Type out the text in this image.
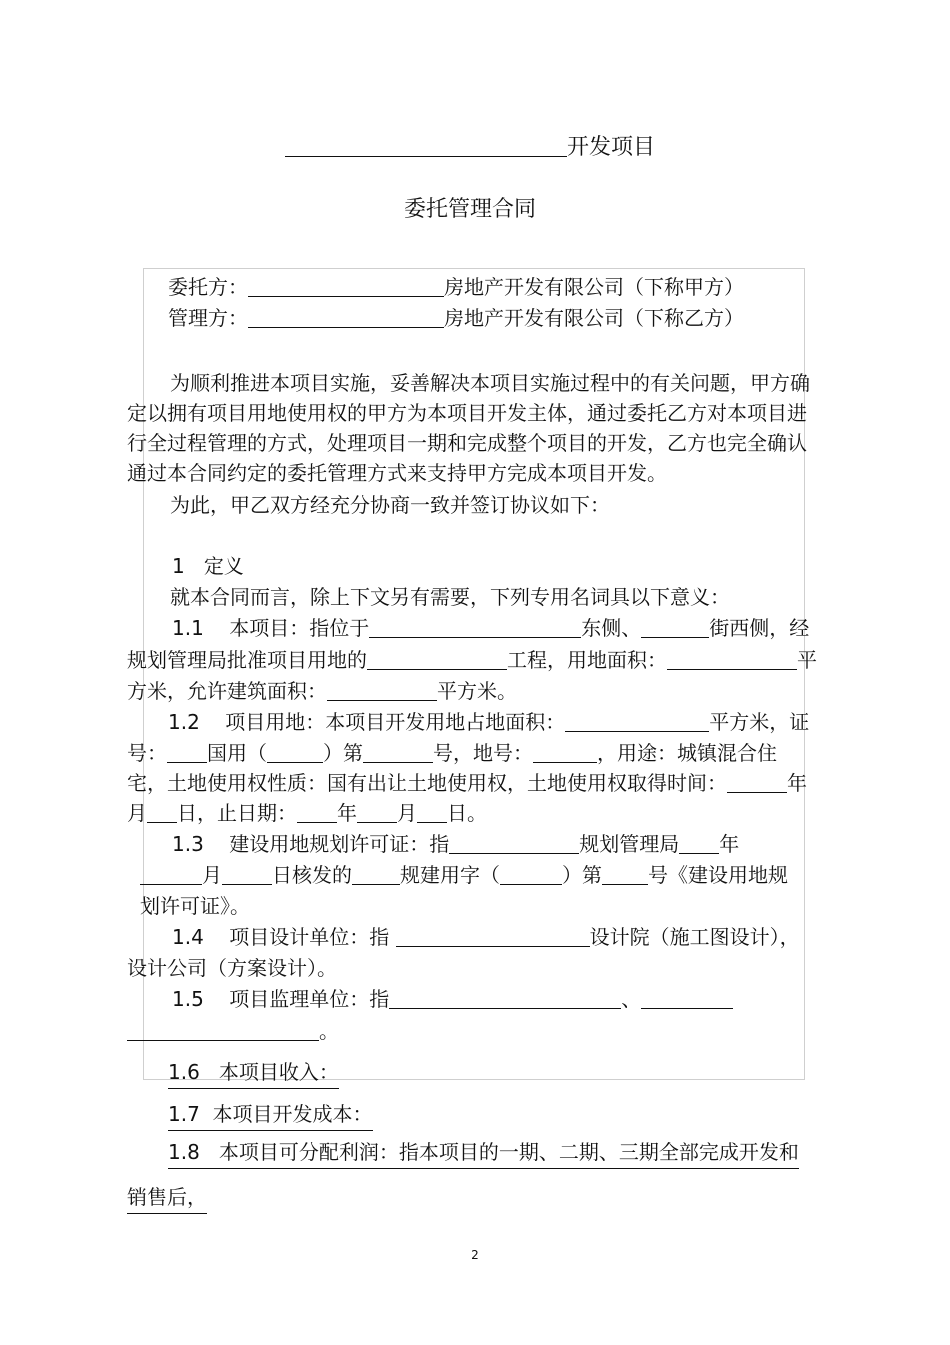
开发项目
委托管理合同
委托方：	房地产开发有限公司（下称甲方）
管理方：	房地产开发有限公司（下称乙方）
为顺利推进本项目实施，妥善解决本项目实施过程中的有关问题，甲方确
定以拥有项目用地使用权的甲方为本项目开发主体，通过委托乙方对本项目进
行全过程管理的方式，处理项目一期和完成整个项目的开发，乙方也完全确认
通过本合同约定的委托管理方式来支持甲方完成本项目开发。
为此，甲乙双方经充分协商一致并签订协议如下：
1 定义
就本合同而言，除上下文另有需要，下列专用名词具以下意义：
1.1 本项目：指位于	东侧、	街西侧，经
规划管理局批准项目用地的	工程，用地面积：	平
方米，允许建筑面积：	平方米。
1.2 项目用地：本项目开发用地占地面积：	平方米，证
号： 国用（	）第	号，地号：	，用途：城镇混合住
宅，土地使用权性质：国有出让土地使用权，土地使用权取得时间：	年
月 日，止日期： 年 月 日。
1.3 建设用地规划许可证：指	规划管理局 年
月	日核发的 规建用字（	）第 号《建设用地规
划许可证》。
1.4 项目设计单位：指	设计院（施工图设计），
设计公司（方案设计）。
1.5 项目监理单位：指	、
。
1.6 本项目收入：
1.7 本项目开发成本：
1.8 本项目可分配利润：指本项目的一期、二期、三期全部完成开发和
销售后，
2
